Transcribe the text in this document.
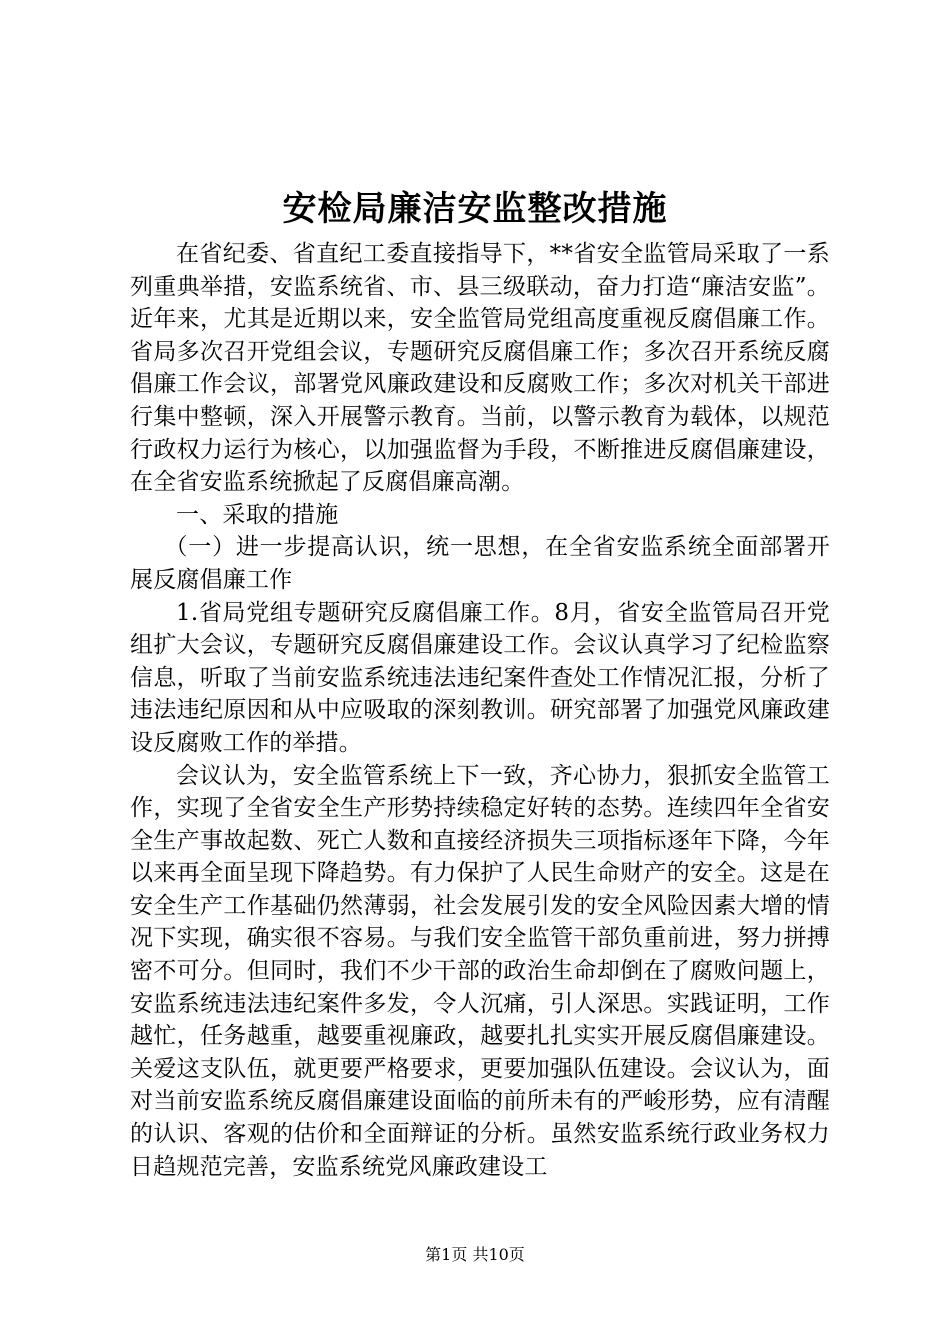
安检局廉洁安监整改措施

在省纪委、省直纪工委直接指导下，**省安全监管局采取了一系列重典举措，安监系统省、市、县三级联动，奋力打造“廉洁安监”。近年来，尤其是近期以来，安全监管局党组高度重视反腐倡廉工作。省局多次召开党组会议，专题研究反腐倡廉工作；多次召开系统反腐倡廉工作会议，部署党风廉政建设和反腐败工作；多次对机关干部进行集中整顿，深入开展警示教育。当前，以警示教育为载体，以规范行政权力运行为核心，以加强监督为手段，不断推进反腐倡廉建设，在全省安监系统掀起了反腐倡廉高潮。

一、采取的措施

（一）进一步提高认识，统一思想，在全省安监系统全面部署开展反腐倡廉工作

1.省局党组专题研究反腐倡廉工作。8月，省安全监管局召开党组扩大会议，专题研究反腐倡廉建设工作。会议认真学习了纪检监察信息，听取了当前安监系统违法违纪案件查处工作情况汇报，分析了违法违纪原因和从中应吸取的深刻教训。研究部署了加强党风廉政建设反腐败工作的举措。

会议认为，安全监管系统上下一致，齐心协力，狠抓安全监管工作，实现了全省安全生产形势持续稳定好转的态势。连续四年全省安全生产事故起数、死亡人数和直接经济损失三项指标逐年下降，今年以来再全面呈现下降趋势。有力保护了人民生命财产的安全。这是在安全生产工作基础仍然薄弱，社会发展引发的安全风险因素大增的情况下实现，确实很不容易。与我们安全监管干部负重前进，努力拼搏密不可分。但同时，我们不少干部的政治生命却倒在了腐败问题上，安监系统违法违纪案件多发，令人沉痛，引人深思。实践证明，工作越忙，任务越重，越要重视廉政，越要扎扎实实开展反腐倡廉建设。关爱这支队伍，就更要严格要求，更要加强队伍建设。会议认为，面对当前安监系统反腐倡廉建设面临的前所未有的严峻形势，应有清醒的认识、客观的估价和全面辩证的分析。虽然安监系统行政业务权力日趋规范完善，安监系统党风廉政建设工

第1页 共10页
